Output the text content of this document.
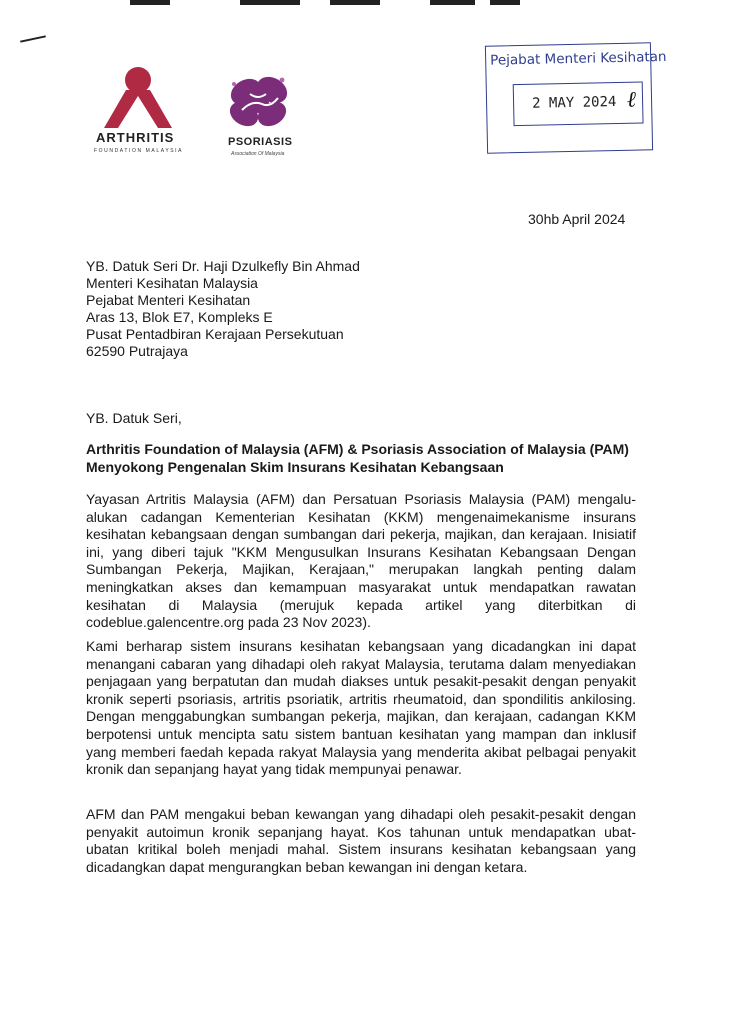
ARTHRITIS
FOUNDATION MALAYSIA
PSORIASIS
Association Of Malaysia
Pejabat Menteri Kesihatan
2 MAY 2024 ℓ
30hb April 2024
YB. Datuk Seri Dr. Haji Dzulkefly Bin Ahmad
Menteri Kesihatan Malaysia
Pejabat Menteri Kesihatan
Aras 13, Blok E7, Kompleks E
Pusat Pentadbiran Kerajaan Persekutuan
62590 Putrajaya
YB. Datuk Seri,
Arthritis Foundation of Malaysia (AFM) & Psoriasis Association of Malaysia (PAM) Menyokong Pengenalan Skim Insurans Kesihatan Kebangsaan
Yayasan Artritis Malaysia (AFM) dan Persatuan Psoriasis Malaysia (PAM) mengalu-alukan cadangan Kementerian Kesihatan (KKM) mengenaimekanisme insurans kesihatan kebangsaan dengan sumbangan dari pekerja, majikan, dan kerajaan. Inisiatif ini, yang diberi tajuk "KKM Mengusulkan Insurans Kesihatan Kebangsaan Dengan Sumbangan Pekerja, Majikan, Kerajaan," merupakan langkah penting dalam meningkatkan akses dan kemampuan masyarakat untuk mendapatkan rawatan kesihatan di Malaysia (merujuk kepada artikel yang diterbitkan di codeblue.galencentre.org pada 23 Nov 2023).
Kami berharap sistem insurans kesihatan kebangsaan yang dicadangkan ini dapat menangani cabaran yang dihadapi oleh rakyat Malaysia, terutama dalam menyediakan penjagaan yang berpatutan dan mudah diakses untuk pesakit-pesakit dengan penyakit kronik seperti psoriasis, artritis psoriatik, artritis rheumatoid, dan spondilitis ankilosing. Dengan menggabungkan sumbangan pekerja, majikan, dan kerajaan, cadangan KKM berpotensi untuk mencipta satu sistem bantuan kesihatan yang mampan dan inklusif yang memberi faedah kepada rakyat Malaysia yang menderita akibat pelbagai penyakit kronik dan sepanjang hayat yang tidak mempunyai penawar.
AFM dan PAM mengakui beban kewangan yang dihadapi oleh pesakit-pesakit dengan penyakit autoimun kronik sepanjang hayat. Kos tahunan untuk mendapatkan ubat-ubatan kritikal boleh menjadi mahal. Sistem insurans kesihatan kebangsaan yang dicadangkan dapat mengurangkan beban kewangan ini dengan ketara.
